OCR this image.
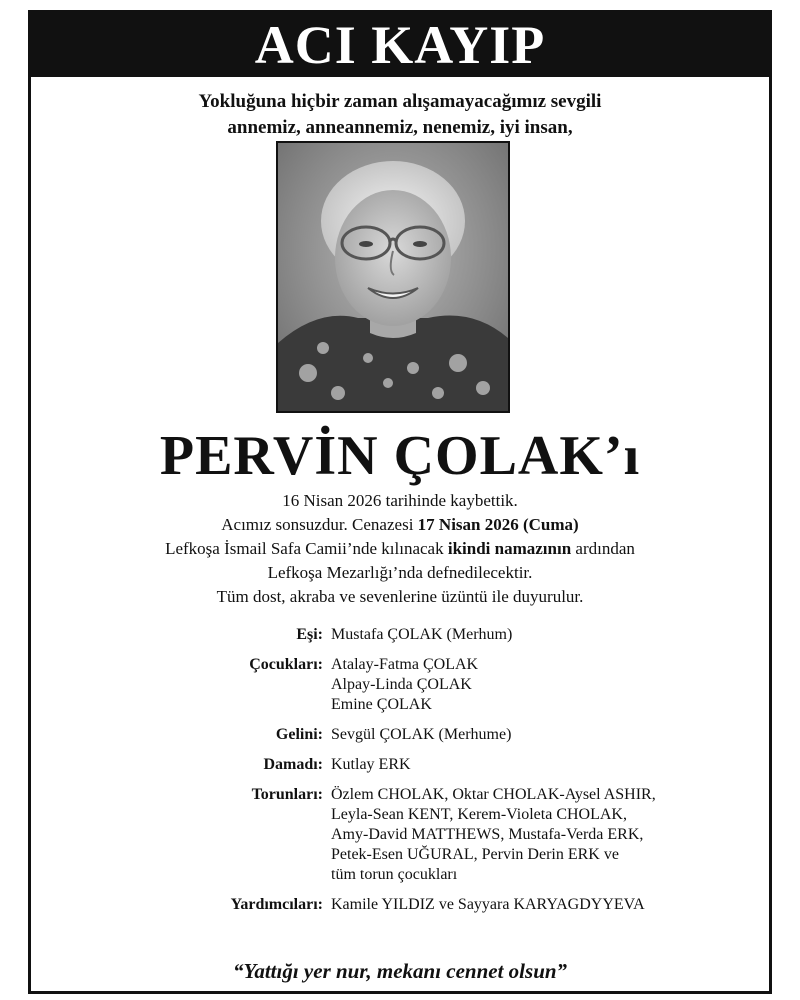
ACI KAYIP
Yokluğuna hiçbir zaman alışamayacağımız sevgili
annemiz, anneannemiz, nenemiz, iyi insan,
PERVİN ÇOLAK’ı
16 Nisan 2026 tarihinde kaybettik.
Acımız sonsuzdur. Cenazesi 17 Nisan 2026 (Cuma)
Lefkoşa İsmail Safa Camii’nde kılınacak ikindi namazının ardından
Lefkoşa Mezarlığı’nda defnedilecektir.
Tüm dost, akraba ve sevenlerine üzüntü ile duyurulur.
Eşi: Mustafa ÇOLAK (Merhum)
Çocukları: Atalay-Fatma ÇOLAK
Alpay-Linda ÇOLAK
Emine ÇOLAK
Gelini: Sevgül ÇOLAK (Merhume)
Damadı: Kutlay ERK
Torunları: Özlem CHOLAK, Oktar CHOLAK-Aysel ASHIR,
Leyla-Sean KENT, Kerem-Violeta CHOLAK,
Amy-David MATTHEWS, Mustafa-Verda ERK,
Petek-Esen UĞURAL, Pervin Derin ERK ve
tüm torun çocukları
Yardımcıları: Kamile YILDIZ ve Sayyara KARYAGDYYEVA
“Yattığı yer nur, mekanı cennet olsun”
